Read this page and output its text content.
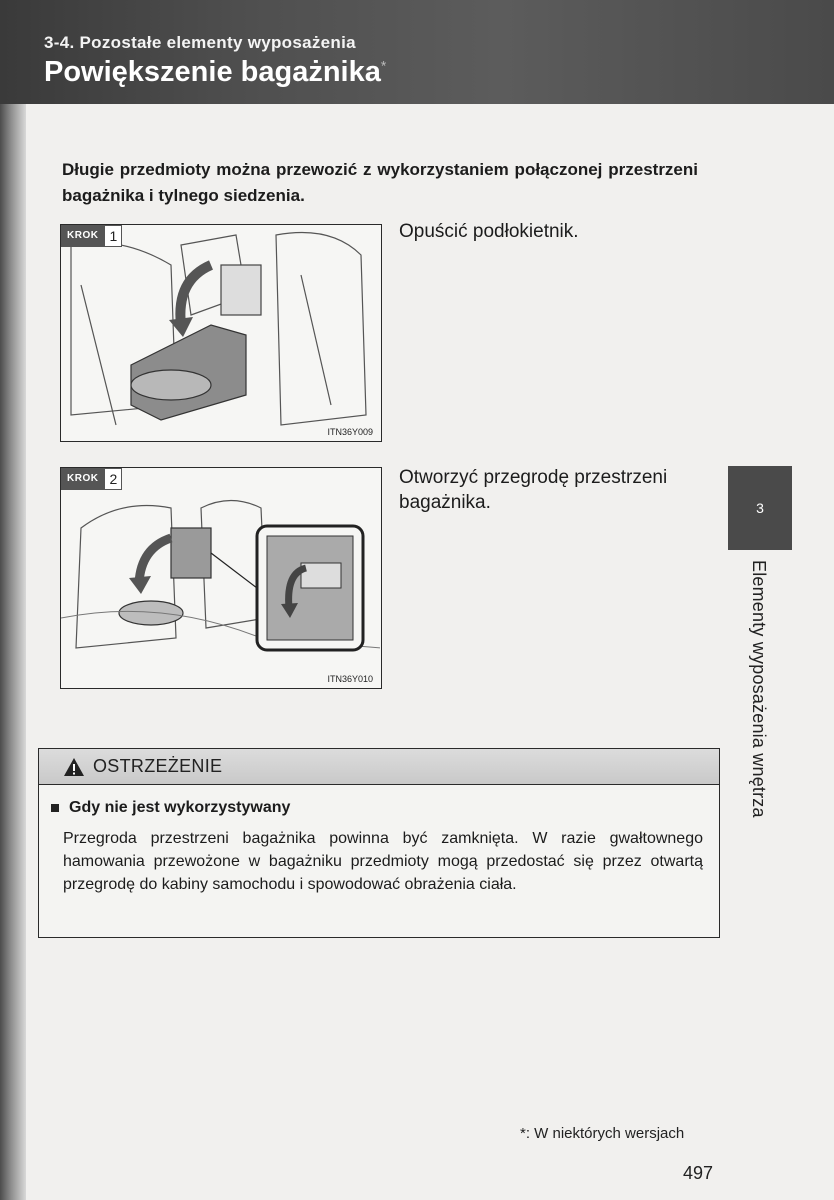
3-4. Pozostałe elementy wyposażenia
Powiększenie bagażnika*
Długie przedmioty można przewozić z wykorzystaniem połączonej przestrzeni bagażnika i tylnego siedzenia.
KROK 1
ITN36Y009
Opuścić podłokietnik.
KROK 2
ITN36Y010
Otworzyć przegrodę przestrzeni bagażnika.	3
Elementy wyposażenia wnętrza
OSTRZEŻENIE
Gdy nie jest wykorzystywany
Przegroda przestrzeni bagażnika powinna być zamknięta. W razie gwałtownego hamowania przewożone w bagażniku przedmioty mogą przedostać się przez otwartą przegrodę do kabiny samochodu i spowodować obrażenia ciała.
*: W niektórych wersjach
497
